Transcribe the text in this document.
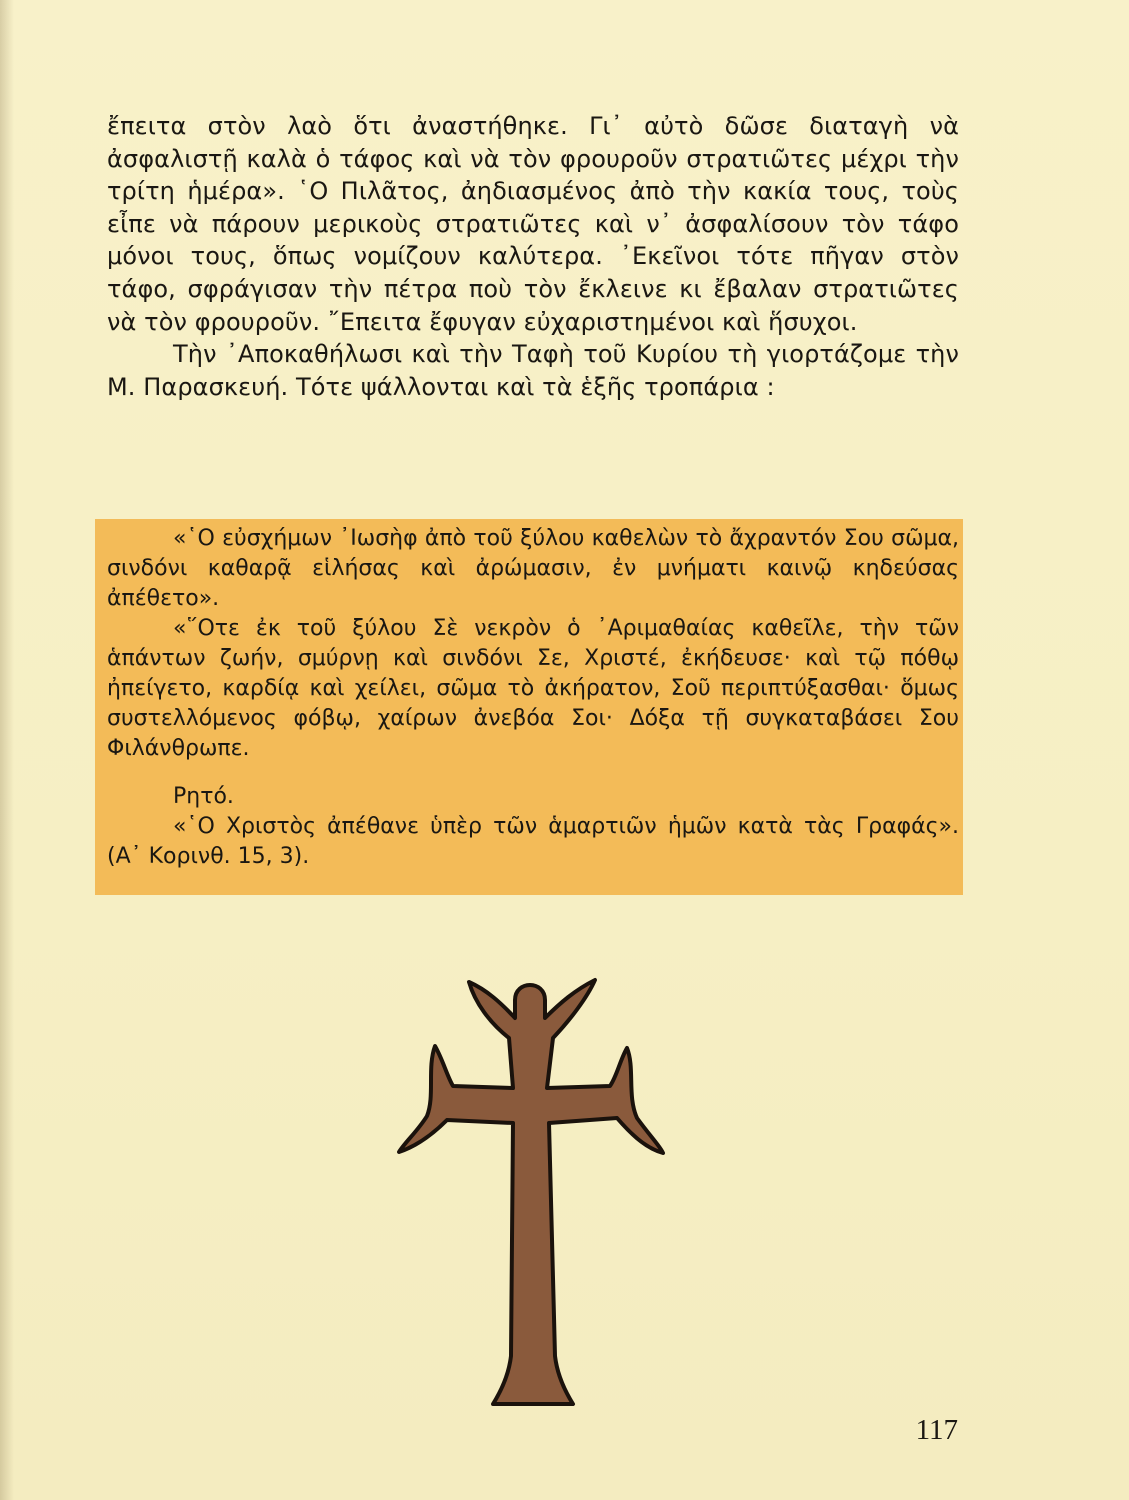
ἔπειτα στὸν λαὸ ὅτι ἀναστήθηκε. Γι᾿ αὐτὸ δῶσε διαταγὴ νὰ ἀσφαλιστῇ καλὰ ὁ τάφος καὶ νὰ τὸν φρουροῦν στρατιῶτες μέχρι τὴν τρίτη ἡμέρα». ῾Ο Πιλᾶτος, ἀηδιασμένος ἀπὸ τὴν κακία τους, τοὺς εἶπε νὰ πάρουν μερικοὺς στρατιῶτες καὶ ν᾿ ἀσφαλίσουν τὸν τάφο μόνοι τους, ὅπως νομίζουν καλύτερα. ᾿Εκεῖνοι τότε πῆγαν στὸν τάφο, σφράγισαν τὴν πέτρα ποὺ τὸν ἔκλεινε κι ἔβαλαν στρατιῶτες νὰ τὸν φρουροῦν. ῎Επειτα ἔφυγαν εὐχαριστημένοι καὶ ἥσυχοι.

Τὴν ᾿Αποκαθήλωσι καὶ τὴν Ταφὴ τοῦ Κυρίου τὴ γιορτάζομε τὴν Μ. Παρασκευή. Τότε ψάλλονται καὶ τὰ ἑξῆς τροπάρια :

«῾Ο εὐσχήμων ᾿Ιωσὴφ ἀπὸ τοῦ ξύλου καθελὼν τὸ ἄχραντόν Σου σῶμα, σινδόνι καθαρᾷ εἱλήσας καὶ ἀρώμασιν, ἐν μνήματι καινῷ κηδεύσας ἀπέθετο».

«῞Οτε ἐκ τοῦ ξύλου Σὲ νεκρὸν ὁ ᾿Αριμαθαίας καθεῖλε, τὴν τῶν ἁπάντων ζωήν, σμύρνῃ καὶ σινδόνι Σε, Χριστέ, ἐκήδευσε· καὶ τῷ πόθῳ ἠπείγετο, καρδίᾳ καὶ χείλει, σῶμα τὸ ἀκήρατον, Σοῦ περιπτύξασθαι· ὅμως συστελλόμενος φόβῳ, χαίρων ἀνεβόα Σοι· Δόξα τῇ συγκαταβάσει Σου Φιλάνθρωπε.

Ρητό.

«῾Ο Χριστὸς ἀπέθανε ὑπὲρ τῶν ἁμαρτιῶν ἡμῶν κατὰ τὰς Γραφάς». (Α᾿ Κορινθ. 15, 3).

117
